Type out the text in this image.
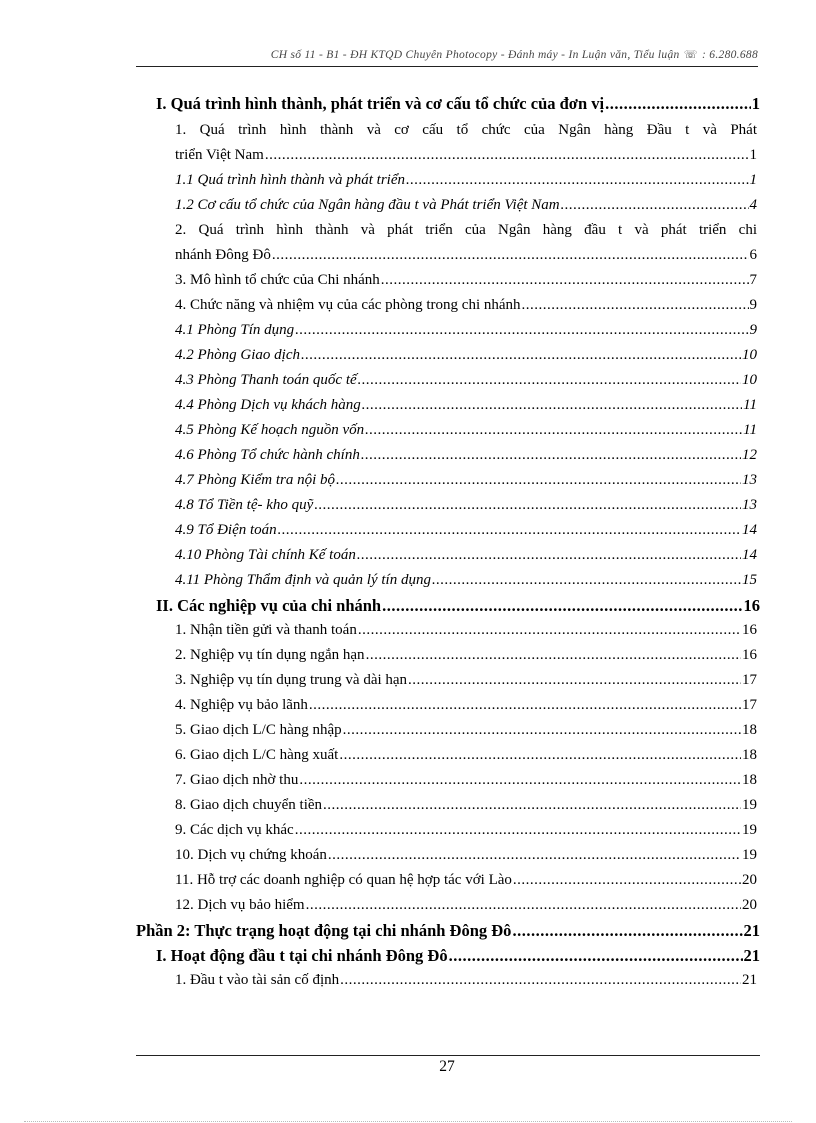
CH số 11 - B1 - ĐH KTQD Chuyên Photocopy - Đánh máy - In Luận văn, Tiểu luận ☏ : 6.280.688
I. Quá trình hình thành, phát triển và cơ cấu tổ chức của đơn vị .....	1
1. Quá trình hình thành và cơ cấu tổ chức của Ngân hàng Đầu t và Phát
triển Việt Nam .....	1
1.1 Quá trình hình thành và phát triển .....	1
1.2 Cơ cấu tổ chức của Ngân hàng đầu t và Phát triển Việt Nam .....	4
2. Quá trình hình thành và phát triển của Ngân hàng đầu t và phát triển chi
nhánh Đông Đô .....	6
3. Mô hình tổ chức của Chi nhánh .....	7
4. Chức năng và nhiệm vụ của các phòng trong chi nhánh .....	9
4.1 Phòng Tín dụng .....	9
4.2 Phòng Giao dịch .....	10
4.3 Phòng Thanh toán quốc tế .....	10
4.4 Phòng Dịch vụ khách hàng .....	11
4.5 Phòng Kế hoạch nguồn vốn .....	11
4.6 Phòng Tổ chức hành chính .....	12
4.7 Phòng Kiểm tra nội bộ .....	13
4.8 Tổ Tiền tệ- kho quỹ .....	13
4.9 Tổ Điện toán .....	14
4.10 Phòng Tài chính Kế toán .....	14
4.11 Phòng Thẩm định và quản lý tín dụng .....	15
II. Các nghiệp vụ của chi nhánh .....	16
1. Nhận tiền gửi và thanh toán .....	16
2. Nghiệp vụ tín dụng ngắn hạn .....	16
3. Nghiệp vụ tín dụng trung và dài hạn .....	17
4. Nghiệp vụ bảo lãnh .....	17
5. Giao dịch L/C hàng nhập .....	18
6. Giao dịch L/C hàng xuất .....	18
7. Giao dịch nhờ thu .....	18
8. Giao dịch chuyển tiền .....	19
9. Các dịch vụ khác .....	19
10. Dịch vụ chứng khoán .....	19
11. Hỗ trợ các doanh nghiệp có quan hệ hợp tác với Lào .....	20
12. Dịch vụ bảo hiểm .....	20
Phần 2: Thực trạng hoạt động tại chi nhánh Đông Đô .....	21
I. Hoạt động đầu t tại chi nhánh Đông Đô .....	21
1. Đầu t vào tài sản cố định .....	21
27
